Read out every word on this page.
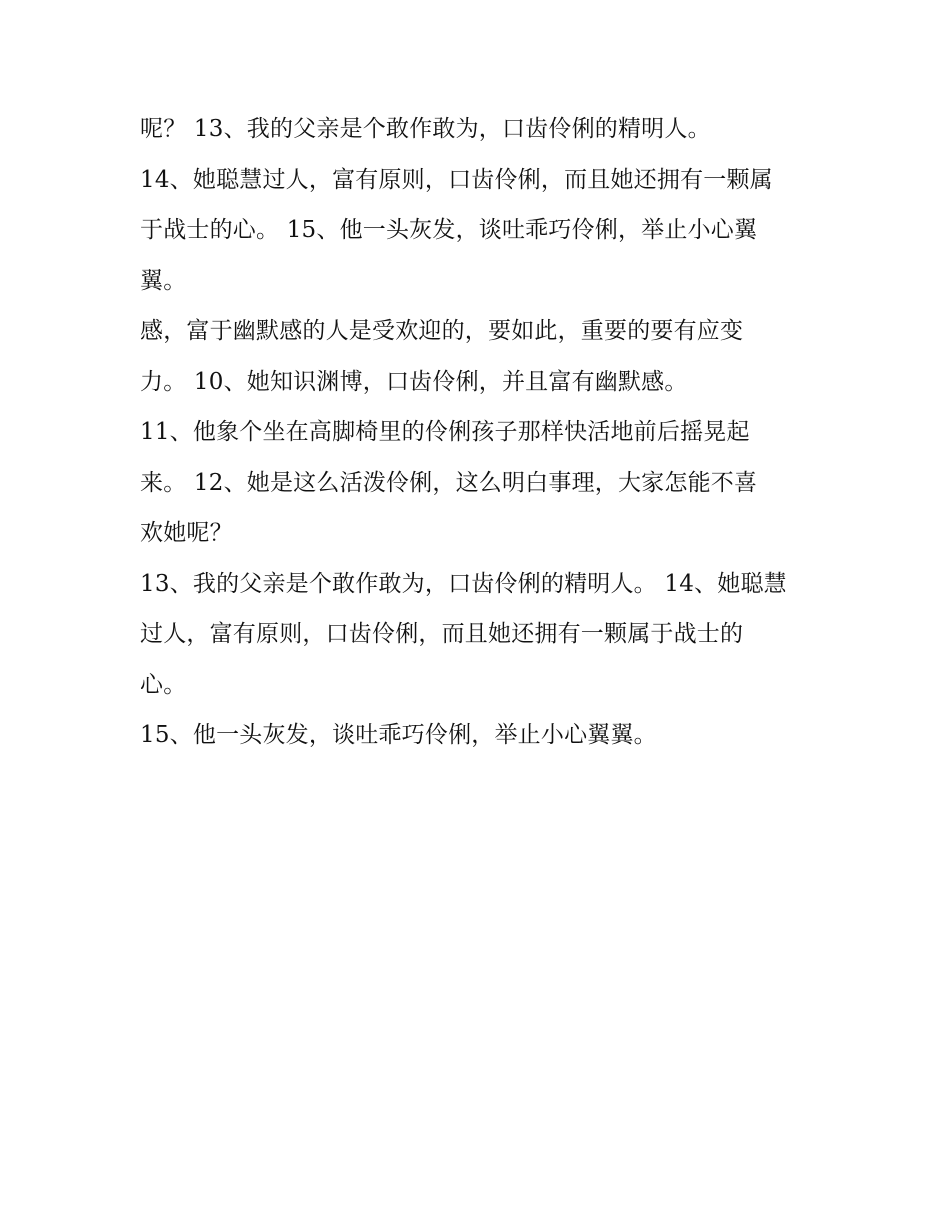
呢？ 13、我的父亲是个敢作敢为，口齿伶俐的精明人。
14、她聪慧过人，富有原则，口齿伶俐，而且她还拥有一颗属
于战士的心。 15、他一头灰发，谈吐乖巧伶俐，举止小心翼
翼。
感，富于幽默感的人是受欢迎的，要如此，重要的要有应变
力。 10、她知识渊博，口齿伶俐，并且富有幽默感。
11、他象个坐在高脚椅里的伶俐孩子那样快活地前后摇晃起
来。 12、她是这么活泼伶俐，这么明白事理，大家怎能不喜
欢她呢？
13、我的父亲是个敢作敢为，口齿伶俐的精明人。 14、她聪慧
过人，富有原则，口齿伶俐，而且她还拥有一颗属于战士的
心。
15、他一头灰发，谈吐乖巧伶俐，举止小心翼翼。
